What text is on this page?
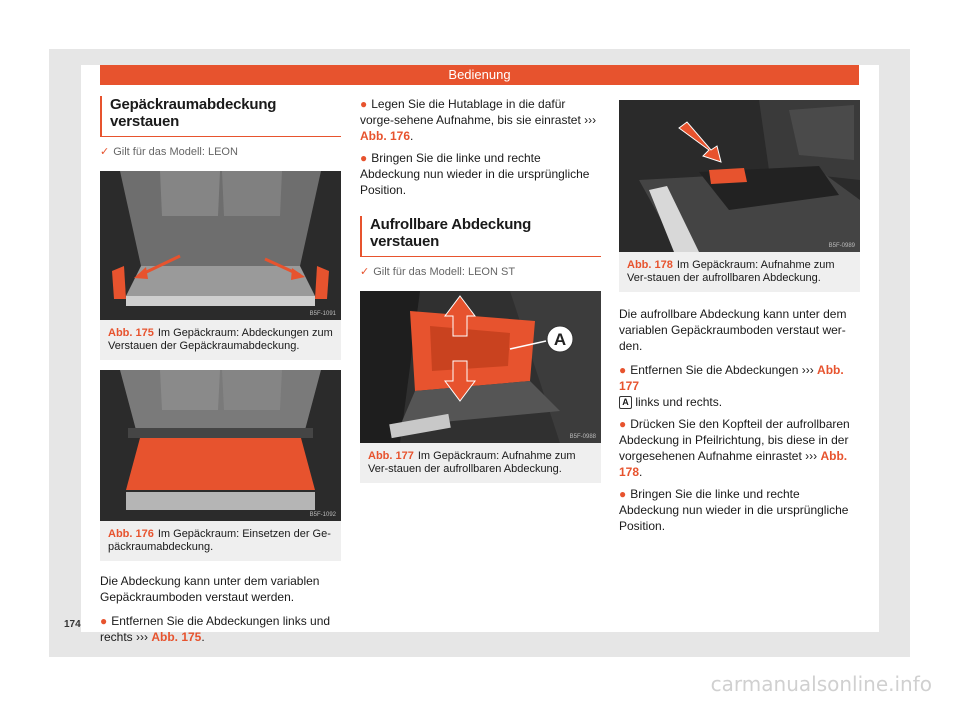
Bedienung
Gepäckraumabdeckung verstauen
✓ Gilt für das Modell: LEON
B5F-1091
Abb. 175 Im Gepäckraum: Abdeckungen zum Verstauen der Gepäckraumabdeckung.
B5F-1092
Abb. 176 Im Gepäckraum: Einsetzen der Ge-päckraumabdeckung.

Die Abdeckung kann unter dem variablen Gepäckraumboden verstaut werden.

● Entfernen Sie die Abdeckungen links und rechts ››› Abb. 175.

● Legen Sie die Hutablage in die dafür vorge-sehene Aufnahme, bis sie einrastet ››› Abb. 176.

● Bringen Sie die linke und rechte Abdeckung nun wieder in die ursprüngliche Position.

Aufrollbare Abdeckung verstauen
✓ Gilt für das Modell: LEON ST
A
B5F-0988
Abb. 177 Im Gepäckraum: Aufnahme zum Ver-stauen der aufrollbaren Abdeckung.
B5F-0989
Abb. 178 Im Gepäckraum: Aufnahme zum Ver-stauen der aufrollbaren Abdeckung.

Die aufrollbare Abdeckung kann unter dem variablen Gepäckraumboden verstaut wer-den.

● Entfernen Sie die Abdeckungen ››› Abb. 177
A links und rechts.

● Drücken Sie den Kopfteil der aufrollbaren Abdeckung in Pfeilrichtung, bis diese in der vorgesehenen Aufnahme einrastet ››› Abb. 178.

● Bringen Sie die linke und rechte Abdeckung nun wieder in die ursprüngliche Position.

174
carmanualsonline.info
